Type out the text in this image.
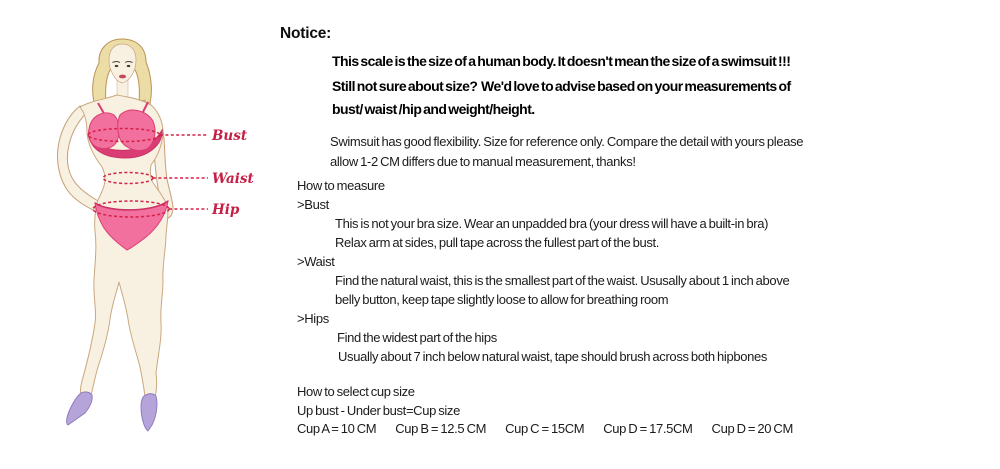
Bust
Waist
Hip
Notice:
This scale is the size of a human body. It doesn't mean the size of a swimsuit !!!
Still not sure about size?  We'd love to advise based on your measurements of
bust/ waist /hip and weight/height.
Swimsuit has good flexibility. Size for reference only. Compare the detail with yours please
allow 1-2 CM differs due to manual measurement, thanks!
How to measure
>Bust
This is not your bra size. Wear an unpadded bra (your dress will have a built-in bra)
Relax arm at sides, pull tape across the fullest part of the bust.
>Waist
Find the natural waist, this is the smallest part of the waist. Ususally about 1 inch above
belly button, keep tape slightly loose to allow for breathing room
>Hips
Find the widest part of the hips
Usually about 7 inch below natural waist, tape should brush across both hipbones
How to select cup size
Up bust - Under bust=Cup size
Cup A = 10 CM Cup B = 12.5 CM Cup C = 15CM Cup D = 17.5CM Cup D = 20 CM
